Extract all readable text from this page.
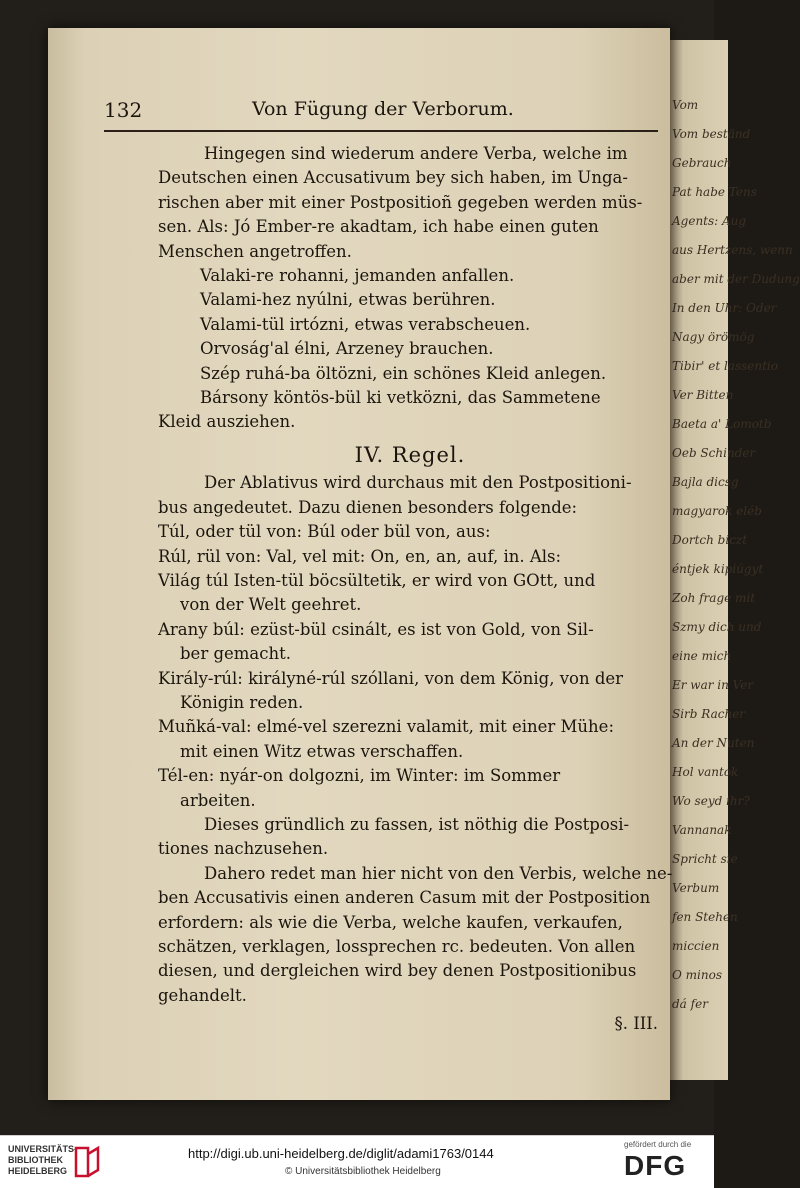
Vom
Vom beständ
Gebrauch
Pat habe Tens
Agents: Aug
aus Hertzens, wenn
aber mit der Dudung
In den Uhr: Oder
Nagy örömög
Tibir' et lassentio
Ver Bitten
Baeta a' Lomotb
Oeb Schinder
Bajla dicsg
magyarok eléb
Dortch biczt
éntjek kipiúgyt
Zoh frage mit
Szmy dich und
eine mich
Er war in Ver
Sirb Racher
An der Nuten
Hol vantok
Wo seyd ihr?
Vannanak
Spricht sie
Verbum
fen Stehen
miccien
O minos
dá fer
132	Von Fügung der Verborum.

Hingegen sind wiederum andere Verba, welche im

Deutschen einen Accusativum bey sich haben, im Unga-

rischen aber mit einer Postpositioñ gegeben werden müs-

sen. Als: Jó Ember-re akadtam, ich habe einen guten

Menschen angetroffen.

Valaki-re rohanni, jemanden anfallen.

Valami-hez nyúlni, etwas berühren.

Valami-tül irtózni, etwas verabscheuen.

Orvoság'al élni, Arzeney brauchen.

Szép ruhá-ba öltözni, ein schönes Kleid anlegen.

Bársony köntös-bül ki vetközni, das Sammetene

Kleid ausziehen.

IV. Regel.

Der Ablativus wird durchaus mit den Postpositioni-

bus angedeutet. Dazu dienen besonders folgende:

Túl, oder tül von: Búl oder bül von, aus:

Rúl, rül von: Val, vel mit: On, en, an, auf, in. Als:

Világ túl Isten-tül böcsültetik, er wird von GOtt, und

von der Welt geehret.

Arany búl: ezüst-bül csinált, es ist von Gold, von Sil-

ber gemacht.

Király-rúl: királyné-rúl szóllani, von dem König, von der

Königin reden.

Muñká-val: elmé-vel szerezni valamit, mit einer Mühe:

mit einen Witz etwas verschaffen.

Tél-en: nyár-on dolgozni, im Winter: im Sommer

arbeiten.

Dieses gründlich zu fassen, ist nöthig die Postposi-

tiones nachzusehen.

Dahero redet man hier nicht von den Verbis, welche ne-

ben Accusativis einen anderen Casum mit der Postposition

erfordern: als wie die Verba, welche kaufen, verkaufen,

schätzen, verklagen, lossprechen rc. bedeuten. Von allen

diesen, und dergleichen wird bey denen Postpositionibus

gehandelt.

§. III.

UNIVERSITÄTS-
BIBLIOTHEK
HEIDELBERG
http://digi.ub.uni-heidelberg.de/diglit/adami1763/0144
© Universitätsbibliothek Heidelberg
gefördert durch die
DFG
